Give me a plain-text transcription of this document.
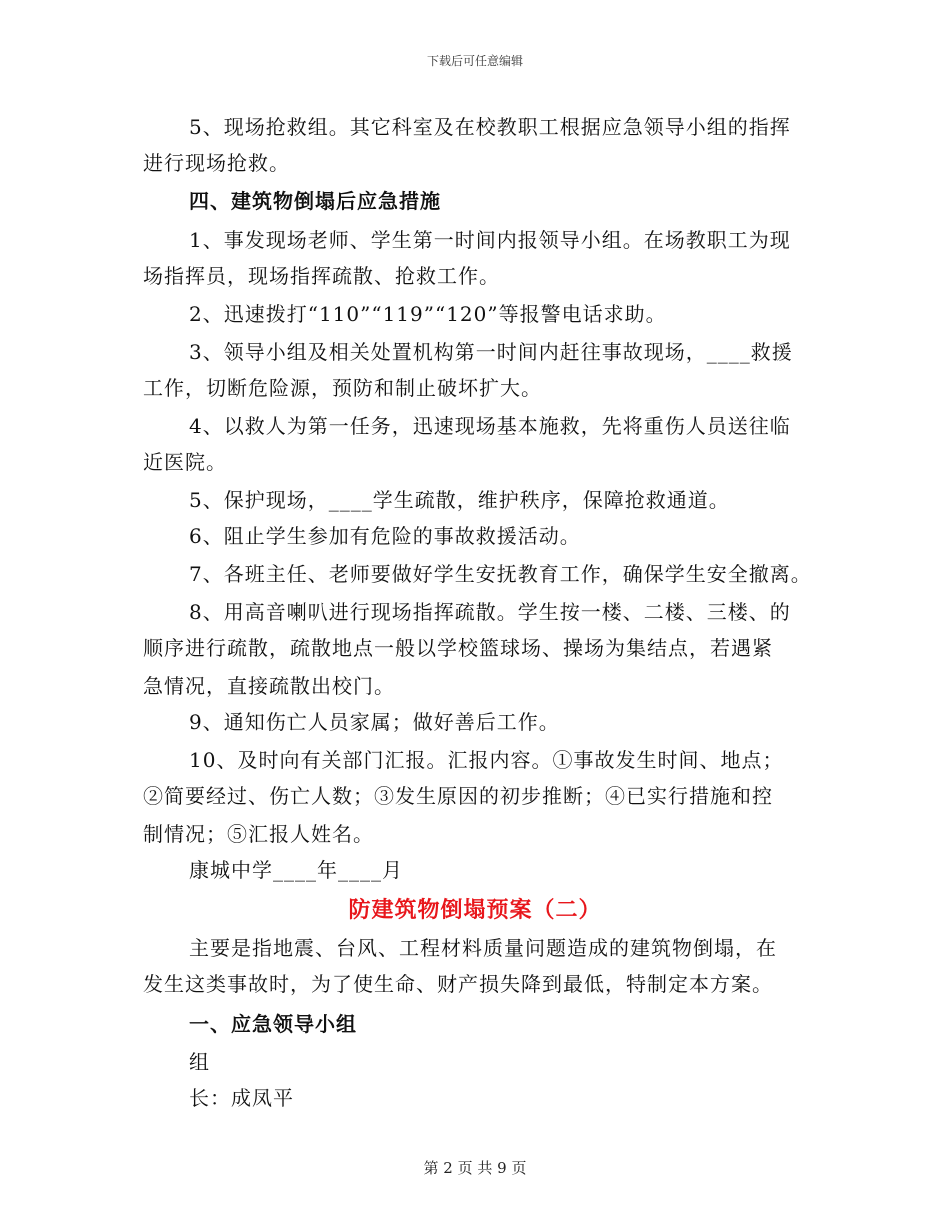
下载后可任意编辑
5、现场抢救组。其它科室及在校教职工根据应急领导小组的指挥
进行现场抢救。
四、建筑物倒塌后应急措施
1、事发现场老师、学生第一时间内报领导小组。在场教职工为现
场指挥员，现场指挥疏散、抢救工作。
2、迅速拨打“110”“119”“120”等报警电话求助。
3、领导小组及相关处置机构第一时间内赶往事故现场，____救援
工作，切断危险源，预防和制止破坏扩大。
4、以救人为第一任务，迅速现场基本施救，先将重伤人员送往临
近医院。
5、保护现场，____学生疏散，维护秩序，保障抢救通道。
6、阻止学生参加有危险的事故救援活动。
7、各班主任、老师要做好学生安抚教育工作，确保学生安全撤离。
8、用高音喇叭进行现场指挥疏散。学生按一楼、二楼、三楼、的
顺序进行疏散，疏散地点一般以学校篮球场、操场为集结点，若遇紧
急情况，直接疏散出校门。
9、通知伤亡人员家属；做好善后工作。
10、及时向有关部门汇报。汇报内容。①事故发生时间、地点；
②简要经过、伤亡人数；③发生原因的初步推断；④已实行措施和控
制情况；⑤汇报人姓名。
康城中学____年____月
防建筑物倒塌预案（二）
主要是指地震、台风、工程材料质量问题造成的建筑物倒塌，在
发生这类事故时，为了使生命、财产损失降到最低，特制定本方案。
一、应急领导小组
组
长：成凤平
第 2 页 共 9 页
